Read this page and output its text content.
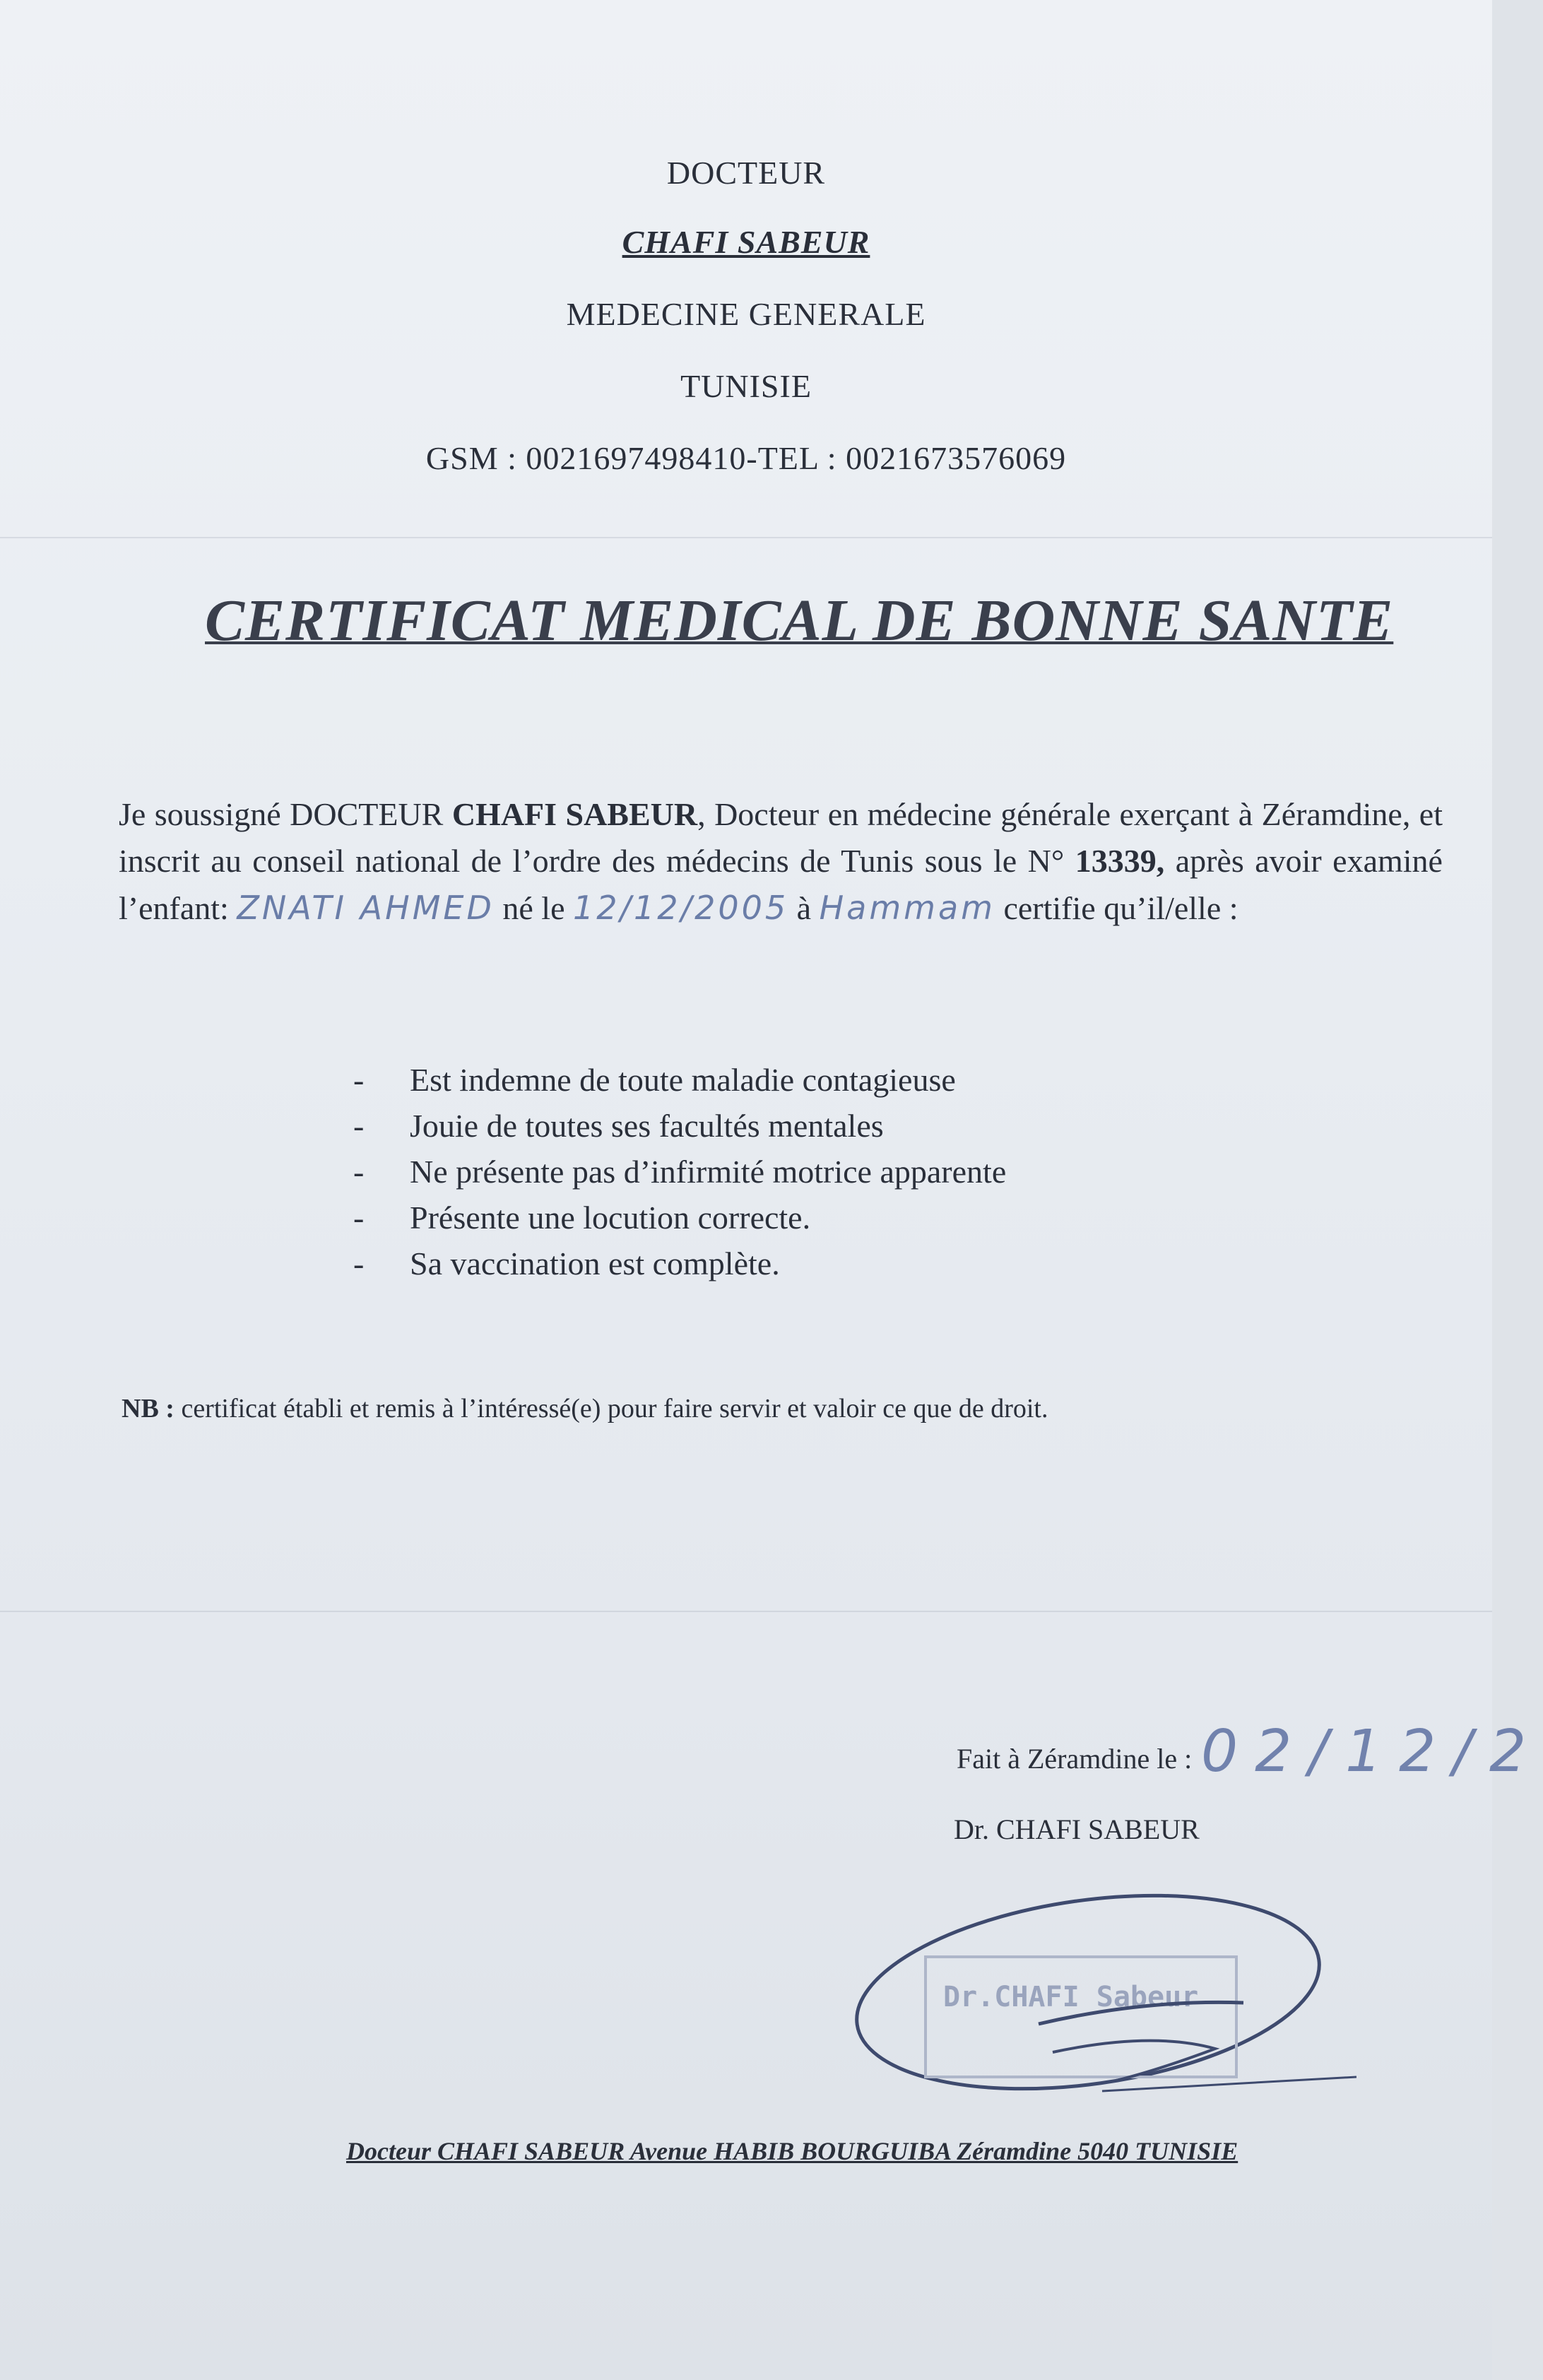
DOCTEUR
CHAFI SABEUR
MEDECINE GENERALE
TUNISIE
GSM : 0021697498410-TEL : 0021673576069
CERTIFICAT MEDICAL DE BONNE SANTE
Je soussigné DOCTEUR CHAFI SABEUR, Docteur en médecine générale exerçant à Zéramdine, et inscrit au conseil national de l’ordre des médecins de Tunis sous le N° 13339, après avoir examiné l’enfant: ZNATI AHMED né le 12/12/2005 à Hammam certifie qu’il/elle :
- Est indemne de toute maladie contagieuse
- Jouie de toutes ses facultés mentales
- Ne présente pas d’infirmité motrice apparente
- Présente une locution correcte.
- Sa vaccination est complète.
NB : certificat établi et remis à l’intéressé(e) pour faire servir et valoir ce que de droit.
Fait à Zéramdine le : 02/12/2
Dr. CHAFI SABEUR
Dr.CHAFI Sabeur
Docteur CHAFI SABEUR Avenue HABIB BOURGUIBA Zéramdine 5040 TUNISIE
